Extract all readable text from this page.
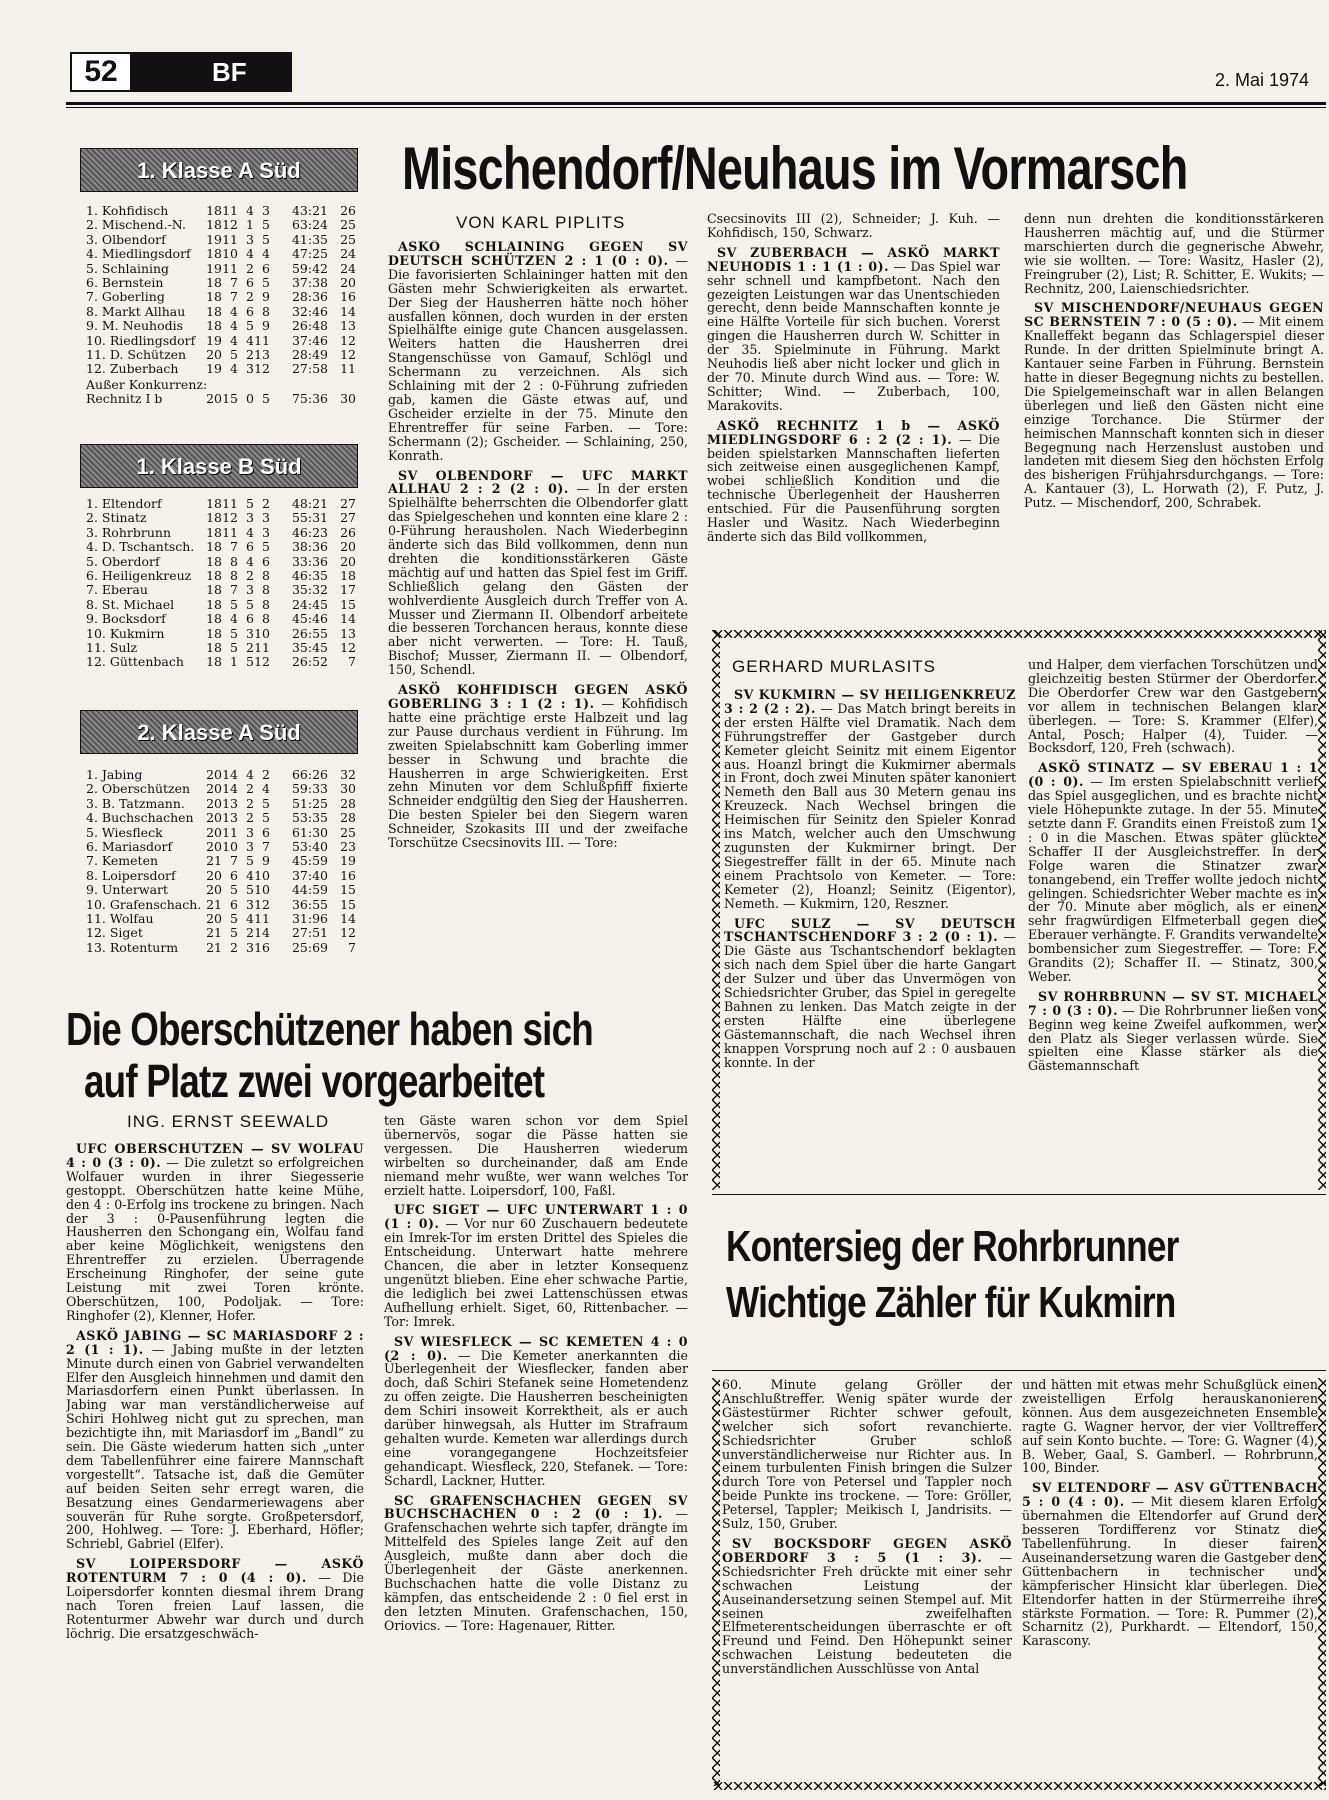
52	BF	2. Mai 1974
1. Klasse A Süd
1. Kohfidisch	18	11	4	3	43:21	26
2. Mischend.-N.	18	12	1	5	63:24	25
3. Olbendorf	19	11	3	5	41:35	25
4. Miedlingsdorf	18	10	4	4	47:25	24
5. Schlaining	19	11	2	6	59:42	24
6. Bernstein	18	7	6	5	37:38	20
7. Goberling	18	7	2	9	28:36	16
8. Markt Allhau	18	4	6	8	32:46	14
9. M. Neuhodis	18	4	5	9	26:48	13
10. Riedlingsdorf	19	4	4	11	37:46	12
11. D. Schützen	20	5	2	13	28:49	12
12. Zuberbach	19	4	3	12	27:58	11
Außer Konkurrenz:
Rechnitz I b	20	15	0	5	75:36	30
1. Klasse B Süd
1. Eltendorf	18	11	5	2	48:21	27
2. Stinatz	18	12	3	3	55:31	27
3. Rohrbrunn	18	11	4	3	46:23	26
4. D. Tschantsch.	18	7	6	5	38:36	20
5. Oberdorf	18	8	4	6	33:36	20
6. Heiligenkreuz	18	8	2	8	46:35	18
7. Eberau	18	7	3	8	35:32	17
8. St. Michael	18	5	5	8	24:45	15
9. Bocksdorf	18	4	6	8	45:46	14
10. Kukmirn	18	5	3	10	26:55	13
11. Sulz	18	5	2	11	35:45	12
12. Güttenbach	18	1	5	12	26:52	7
2. Klasse A Süd
1. Jabing	20	14	4	2	66:26	32
2. Oberschützen	20	14	2	4	59:33	30
3. B. Tatzmann.	20	13	2	5	51:25	28
4. Buchschachen	20	13	2	5	53:35	28
5. Wiesfleck	20	11	3	6	61:30	25
6. Mariasdorf	20	10	3	7	53:40	23
7. Kemeten	21	7	5	9	45:59	19
8. Loipersdorf	20	6	4	10	37:40	16
9. Unterwart	20	5	5	10	44:59	15
10. Grafenschach.	21	6	3	12	36:55	15
11. Wolfau	20	5	4	11	31:96	14
12. Siget	21	5	2	14	27:51	12
13. Rotenturm	21	2	3	16	25:69	7
Mischendorf/Neuhaus im Vormarsch
VON KARL PIPLITS

ASKÖ SCHLAINING GEGEN SV DEUTSCH SCHÜTZEN 2 : 1 (0 : 0). — Die favorisierten Schlaininger hatten mit den Gästen mehr Schwierigkeiten als erwartet. Der Sieg der Hausherren hätte noch höher ausfallen können, doch wurden in der ersten Spielhälfte einige gute Chancen ausgelassen. Weiters hatten die Hausherren drei Stangenschüsse von Gamauf, Schlögl und Schermann zu verzeichnen. Als sich Schlaining mit der 2 : 0-Führung zufrieden gab, kamen die Gäste etwas auf, und Gscheider erzielte in der 75. Minute den Ehrentreffer für seine Farben. — Tore: Schermann (2); Gscheider. — Schlaining, 250, Konrath.

SV OLBENDORF — UFC MARKT ALLHAU 2 : 2 (2 : 0). — In der ersten Spielhälfte beherrschten die Olbendorfer glatt das Spielgeschehen und konnten eine klare 2 : 0-Führung herausholen. Nach Wiederbeginn änderte sich das Bild vollkommen, denn nun drehten die konditionsstärkeren Gäste mächtig auf und hatten das Spiel fest im Griff. Schließlich gelang den Gästen der wohlverdiente Ausgleich durch Treffer von A. Musser und Ziermann II. Olbendorf arbeitete die besseren Torchancen heraus, konnte diese aber nicht verwerten. — Tore: H. Tauß, Bischof; Musser, Ziermann II. — Olbendorf, 150, Schendl.

ASKÖ KOHFIDISCH GEGEN ASKÖ GOBERLING 3 : 1 (2 : 1). — Kohfidisch hatte eine prächtige erste Halbzeit und lag zur Pause durchaus verdient in Führung. Im zweiten Spielabschnitt kam Goberling immer besser in Schwung und brachte die Hausherren in arge Schwierigkeiten. Erst zehn Minuten vor dem Schlußpfiff fixierte Schneider endgültig den Sieg der Hausherren. Die besten Spieler bei den Siegern waren Schneider, Szokasits III und der zweifache Torschütze Csecsinovits III. — Tore:

Csecsinovits III (2), Schneider; J. Kuh. — Kohfidisch, 150, Schwarz.

SV ZUBERBACH — ASKÖ MARKT NEUHODIS 1 : 1 (1 : 0). — Das Spiel war sehr schnell und kampfbetont. Nach den gezeigten Leistungen war das Unentschieden gerecht, denn beide Mannschaften konnte je eine Hälfte Vorteile für sich buchen. Vorerst gingen die Hausherren durch W. Schitter in der 35. Spielminute in Führung. Markt Neuhodis ließ aber nicht locker und glich in der 70. Minute durch Wind aus. — Tore: W. Schitter; Wind. — Zuberbach, 100, Marakovits.

ASKÖ RECHNITZ 1 b — ASKÖ MIEDLINGSDORF 6 : 2 (2 : 1). — Die beiden spielstarken Mannschaften lieferten sich zeitweise einen ausgeglichenen Kampf, wobei schließlich Kondition und die technische Überlegenheit der Hausherren entschied. Für die Pausenführung sorgten Hasler und Wasitz. Nach Wiederbeginn änderte sich das Bild vollkommen,

denn nun drehten die konditionsstärkeren Hausherren mächtig auf, und die Stürmer marschierten durch die gegnerische Abwehr, wie sie wollten. — Tore: Wasitz, Hasler (2), Freingruber (2), List; R. Schitter, E. Wukits; — Rechnitz, 200, Laienschiedsrichter.

SV MISCHENDORF/NEUHAUS GEGEN SC BERNSTEIN 7 : 0 (5 : 0). — Mit einem Knalleffekt begann das Schlagerspiel dieser Runde. In der dritten Spielminute bringt A. Kantauer seine Farben in Führung. Bernstein hatte in dieser Begegnung nichts zu bestellen. Die Spielgemeinschaft war in allen Belangen überlegen und ließ den Gästen nicht eine einzige Torchance. Die Stürmer der heimischen Mannschaft konnten sich in dieser Begegnung nach Herzenslust austoben und landeten mit diesem Sieg den höchsten Erfolg des bisherigen Frühjahrsdurchgangs. — Tore: A. Kantauer (3), L. Horwath (2), F. Putz, J. Putz. — Mischendorf, 200, Schrabek.

GERHARD MURLASITS

SV KUKMIRN — SV HEILIGENKREUZ 3 : 2 (2 : 2). — Das Match bringt bereits in der ersten Hälfte viel Dramatik. Nach dem Führungstreffer der Gastgeber durch Kemeter gleicht Seinitz mit einem Eigentor aus. Hoanzl bringt die Kukmirner abermals in Front, doch zwei Minuten später kanoniert Nemeth den Ball aus 30 Metern genau ins Kreuzeck. Nach Wechsel bringen die Heimischen für Seinitz den Spieler Konrad ins Match, welcher auch den Umschwung zugunsten der Kukmirner bringt. Der Siegestreffer fällt in der 65. Minute nach einem Prachtsolo von Kemeter. — Tore: Kemeter (2), Hoanzl; Seinitz (Eigentor), Nemeth. — Kukmirn, 120, Reszner.

UFC SULZ — SV DEUTSCH TSCHANTSCHENDORF 3 : 2 (0 : 1). — Die Gäste aus Tschantschendorf beklagten sich nach dem Spiel über die harte Gangart der Sulzer und über das Unvermögen von Schiedsrichter Gruber, das Spiel in geregelte Bahnen zu lenken. Das Match zeigte in der ersten Hälfte eine überlegene Gästemannschaft, die nach Wechsel ihren knappen Vorsprung noch auf 2 : 0 ausbauen konnte. In der

und Halper, dem vierfachen Torschützen und gleichzeitig besten Stürmer der Oberdorfer. Die Oberdorfer Crew war den Gastgebern vor allem in technischen Belangen klar überlegen. — Tore: S. Krammer (Elfer), Antal, Posch; Halper (4), Tuider. — Bocksdorf, 120, Freh (schwach).

ASKÖ STINATZ — SV EBERAU 1 : 1 (0 : 0). — Im ersten Spielabschnitt verlief das Spiel ausgeglichen, und es brachte nicht viele Höhepunkte zutage. In der 55. Minute setzte dann F. Grandits einen Freistoß zum 1 : 0 in die Maschen. Etwas später glückte Schaffer II der Ausgleichstreffer. In der Folge waren die Stinatzer zwar tonangebend, ein Treffer wollte jedoch nicht gelingen. Schiedsrichter Weber machte es in der 70. Minute aber möglich, als er einen sehr fragwürdigen Elfmeterball gegen die Eberauer verhängte. F. Grandits verwandelte bombensicher zum Siegestreffer. — Tore: F. Grandits (2); Schaffer II. — Stinatz, 300, Weber.

SV ROHRBRUNN — SV ST. MICHAEL 7 : 0 (3 : 0). — Die Rohrbrunner ließen von Beginn weg keine Zweifel aufkommen, wer den Platz als Sieger verlassen würde. Sie spielten eine Klasse stärker als die Gästemannschaft

Die Oberschützener haben sich
auf Platz zwei vorgearbeitet
ING. ERNST SEEWALD

UFC OBERSCHÜTZEN — SV WOLFAU 4 : 0 (3 : 0). — Die zuletzt so erfolgreichen Wolfauer wurden in ihrer Siegesserie gestoppt. Oberschützen hatte keine Mühe, den 4 : 0-Erfolg ins trockene zu bringen. Nach der 3 : 0-Pausenführung legten die Hausherren den Schongang ein, Wolfau fand aber keine Möglichkeit, wenigstens den Ehrentreffer zu erzielen. Überragende Erscheinung Ringhofer, der seine gute Leistung mit zwei Toren krönte. Oberschützen, 100, Podoljak. — Tore: Ringhofer (2), Klenner, Hofer.

ASKÖ JABING — SC MARIASDORF 2 : 2 (1 : 1). — Jabing mußte in der letzten Minute durch einen von Gabriel verwandelten Elfer den Ausgleich hinnehmen und damit den Mariasdorfern einen Punkt überlassen. In Jabing war man verständlicherweise auf Schiri Hohlweg nicht gut zu sprechen, man bezichtigte ihn, mit Mariasdorf im „Bandl“ zu sein. Die Gäste wiederum hatten sich „unter dem Tabellenführer eine fairere Mannschaft vorgestellt“. Tatsache ist, daß die Gemüter auf beiden Seiten sehr erregt waren, die Besatzung eines Gendarmeriewagens aber souverän für Ruhe sorgte. Großpetersdorf, 200, Hohlweg. — Tore: J. Eberhard, Höfler; Schriebl, Gabriel (Elfer).

SV LOIPERSDORF — ASKÖ ROTENTURM 7 : 0 (4 : 0). — Die Loipersdorfer konnten diesmal ihrem Drang nach Toren freien Lauf lassen, die Rotenturmer Abwehr war durch und durch löchrig. Die ersatzgeschwäch-

ten Gäste waren schon vor dem Spiel übernervös, sogar die Pässe hatten sie vergessen. Die Hausherren wiederum wirbelten so durcheinander, daß am Ende niemand mehr wußte, wer wann welches Tor erzielt hatte. Loipersdorf, 100, Faßl.

UFC SIGET — UFC UNTERWART 1 : 0 (1 : 0). — Vor nur 60 Zuschauern bedeutete ein Imrek-Tor im ersten Drittel des Spieles die Entscheidung. Unterwart hatte mehrere Chancen, die aber in letzter Konsequenz ungenützt blieben. Eine eher schwache Partie, die lediglich bei zwei Lattenschüssen etwas Aufhellung erhielt. Siget, 60, Rittenbacher. — Tor: Imrek.

SV WIESFLECK — SC KEMETEN 4 : 0 (2 : 0). — Die Kemeter anerkannten die Überlegenheit der Wiesflecker, fanden aber doch, daß Schiri Stefanek seine Hometendenz zu offen zeigte. Die Hausherren bescheinigten dem Schiri insoweit Korrektheit, als er auch darüber hinwegsah, als Hutter im Strafraum gehalten wurde. Kemeten war allerdings durch eine vorangegangene Hochzeitsfeier gehandicapt. Wiesfleck, 220, Stefanek. — Tore: Schardl, Lackner, Hutter.

SC GRAFENSCHACHEN GEGEN SV BUCHSCHACHEN 0 : 2 (0 : 1). — Grafenschachen wehrte sich tapfer, drängte im Mittelfeld des Spieles lange Zeit auf den Ausgleich, mußte dann aber doch die Überlegenheit der Gäste anerkennen. Buchschachen hatte die volle Distanz zu kämpfen, das entscheidende 2 : 0 fiel erst in den letzten Minuten. Grafenschachen, 150, Oriovics. — Tore: Hagenauer, Ritter.

Kontersieg der Rohrbrunner
Wichtige Zähler für Kukmirn

60. Minute gelang Gröller der Anschlußtreffer. Wenig später wurde der Gästestürmer Richter schwer gefoult, welcher sich sofort revanchierte. Schiedsrichter Gruber schloß unverständlicherweise nur Richter aus. In einem turbulenten Finish bringen die Sulzer durch Tore von Petersel und Tappler noch beide Punkte ins trockene. — Tore: Gröller, Petersel, Tappler; Meikisch I, Jandrisits. — Sulz, 150, Gruber.

SV BOCKSDORF GEGEN ASKÖ OBERDORF 3 : 5 (1 : 3). — Schiedsrichter Freh drückte mit einer sehr schwachen Leistung der Auseinandersetzung seinen Stempel auf. Mit seinen zweifelhaften Elfmeterentscheidungen überraschte er oft Freund und Feind. Den Höhepunkt seiner schwachen Leistung bedeuteten die unverständlichen Ausschlüsse von Antal

und hätten mit etwas mehr Schußglück einen zweistelligen Erfolg herauskanonieren können. Aus dem ausgezeichneten Ensemble ragte G. Wagner hervor, der vier Volltreffer auf sein Konto buchte. — Tore: G. Wagner (4), B. Weber, Gaal, S. Gamberl. — Rohrbrunn, 100, Binder.

SV ELTENDORF — ASV GÜTTENBACH 5 : 0 (4 : 0). — Mit diesem klaren Erfolg übernahmen die Eltendorfer auf Grund der besseren Tordifferenz vor Stinatz die Tabellenführung. In dieser fairen Auseinandersetzung waren die Gastgeber den Güttenbachern in technischer und kämpferischer Hinsicht klar überlegen. Die Eltendorfer hatten in der Stürmerreihe ihre stärkste Formation. — Tore: R. Pummer (2), Scharnitz (2), Purkhardt. — Eltendorf, 150, Karascony.
